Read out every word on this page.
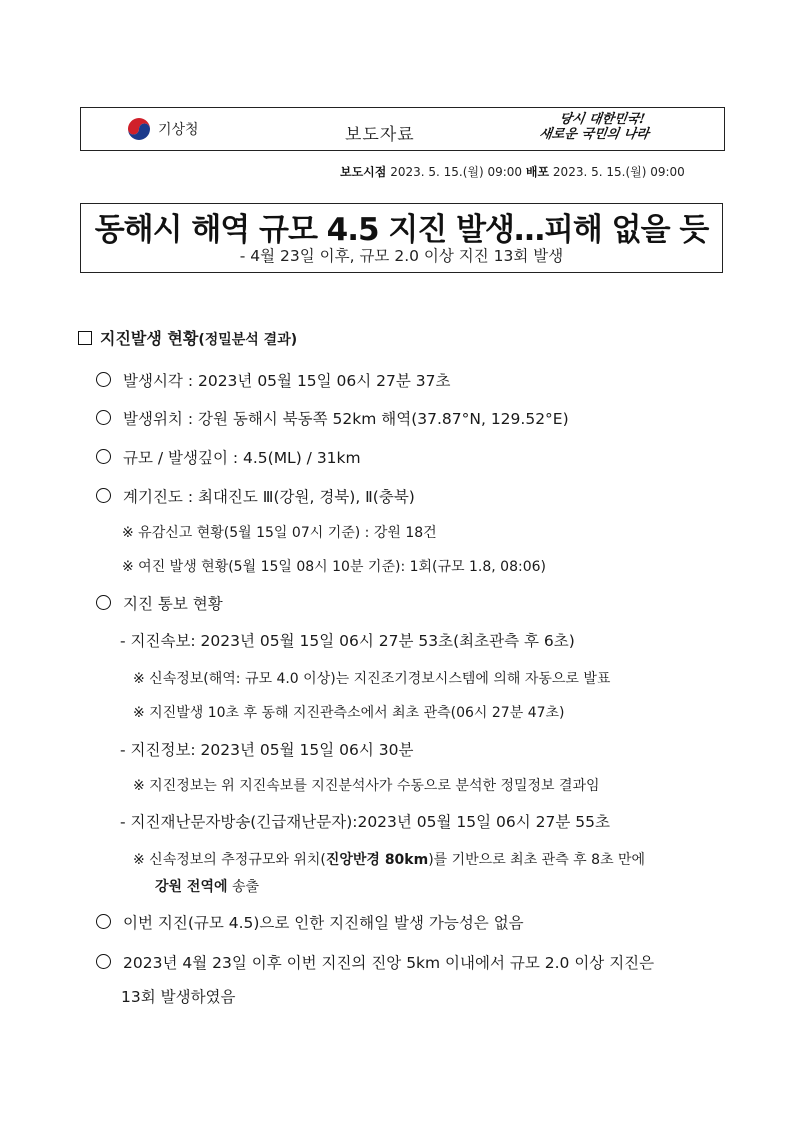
기상청	보도자료
당시 대한민국!
새로운 국민의 나라
보도시점 2023. 5. 15.(월) 09:00 배포 2023. 5. 15.(월) 09:00
동해시 해역 규모 4.5 지진 발생…피해 없을 듯
- 4월 23일 이후, 규모 2.0 이상 지진 13회 발생
지진발생 현황(정밀분석 결과)
발생시각 : 2023년 05월 15일 06시 27분 37초
발생위치 : 강원 동해시 북동쪽 52km 해역(37.87°N, 129.52°E)
규모 / 발생깊이 : 4.5(ML) / 31km
계기진도 : 최대진도 Ⅲ(강원, 경북), Ⅱ(충북)
※ 유감신고 현황(5월 15일 07시 기준) : 강원 18건
※ 여진 발생 현황(5월 15일 08시 10분 기준): 1회(규모 1.8, 08:06)
지진 통보 현황
- 지진속보: 2023년 05월 15일 06시 27분 53초(최초관측 후 6초)
※ 신속정보(해역: 규모 4.0 이상)는 지진조기경보시스템에 의해 자동으로 발표
※ 지진발생 10초 후 동해 지진관측소에서 최초 관측(06시 27분 47초)
- 지진정보: 2023년 05월 15일 06시 30분
※ 지진정보는 위 지진속보를 지진분석사가 수동으로 분석한 정밀정보 결과임
- 지진재난문자방송(긴급재난문자):2023년 05월 15일 06시 27분 55초
※ 신속정보의 추정규모와 위치(진앙반경 80km)를 기반으로 최초 관측 후 8초 만에
강원 전역에 송출
이번 지진(규모 4.5)으로 인한 지진해일 발생 가능성은 없음
2023년 4월 23일 이후 이번 지진의 진앙 5km 이내에서 규모 2.0 이상 지진은
13회 발생하였음
